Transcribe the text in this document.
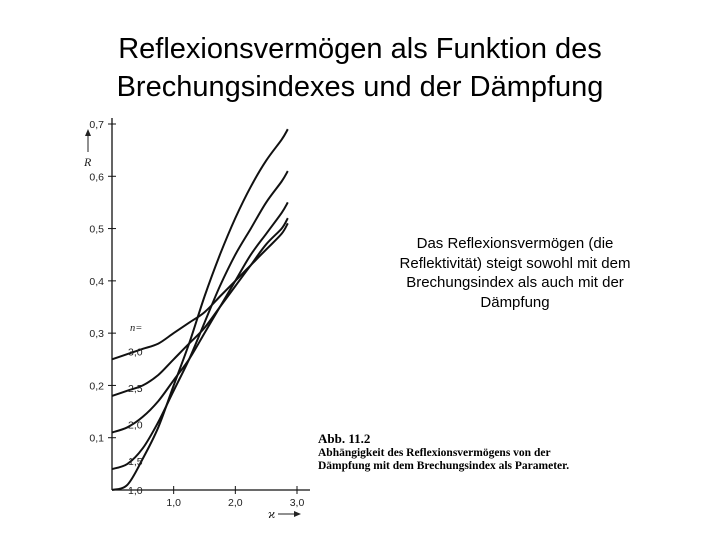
Reflexionsvermögen als Funktion des
Brechungsindexes und der Dämpfung
0,1
0,2
0,3
0,4
0,5
0,6
0,7
1,0	2,0	3,0
R
ϰ
n=
1,0
1,5
2,0
2,5
3,0
Abb. 11.2
Abhängigkeit des Reflexionsvermögens von der Dämpfung mit dem Brechungsindex als Parameter.
Das Reflexionsvermögen (die Reflektivität) steigt sowohl mit dem Brechungsindex als auch mit der Dämpfung
